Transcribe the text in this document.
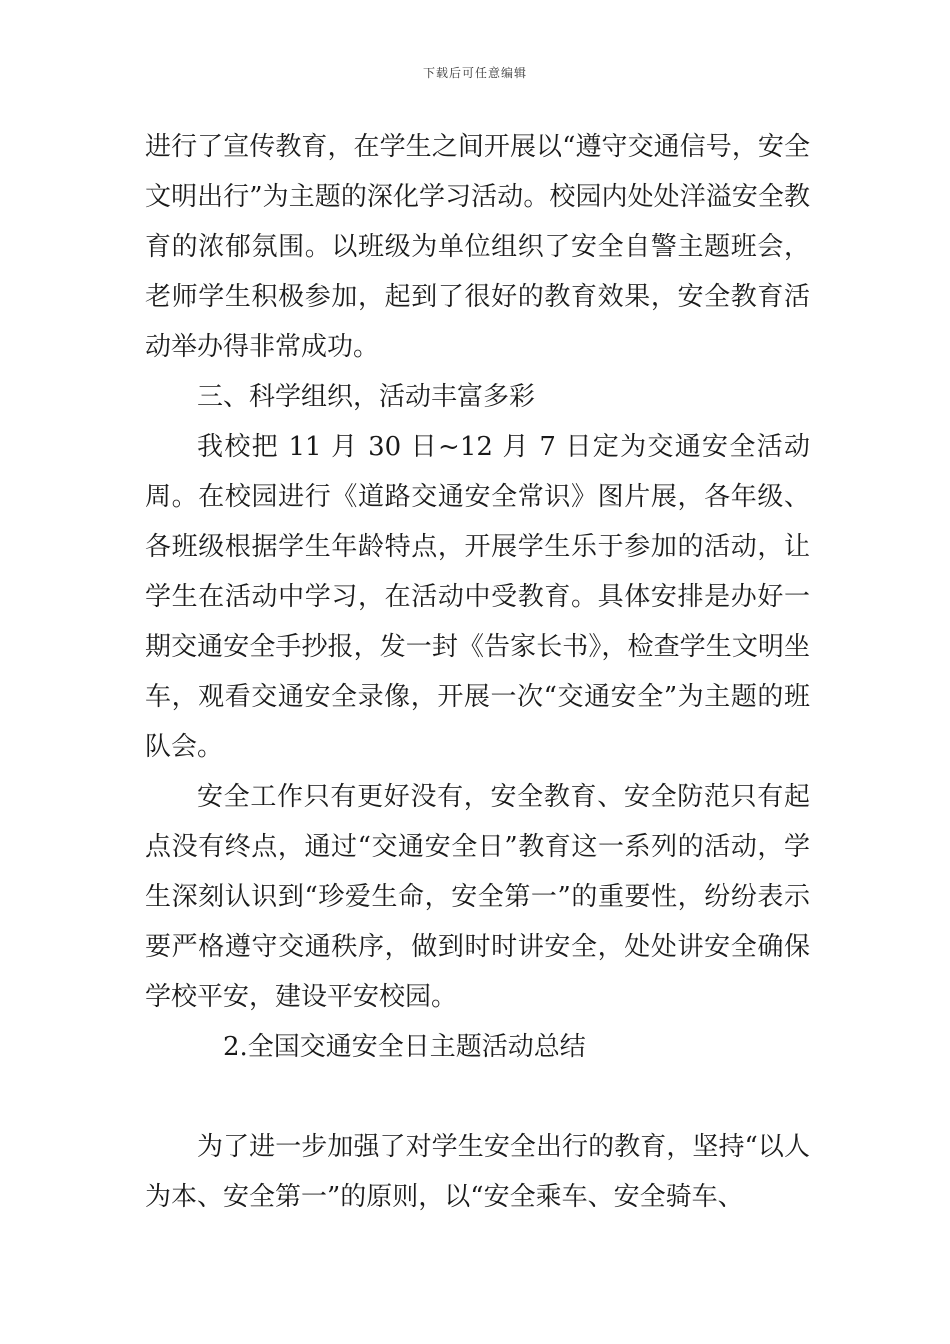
下载后可任意编辑

进行了宣传教育，在学生之间开展以“遵守交通信号，安全文明出行”为主题的深化学习活动。校园内处处洋溢安全教育的浓郁氛围。以班级为单位组织了安全自警主题班会，老师学生积极参加，起到了很好的教育效果，安全教育活动举办得非常成功。

三、科学组织，活动丰富多彩

我校把 11 月 30 日~12 月 7 日定为交通安全活动周。在校园进行《道路交通安全常识》图片展，各年级、各班级根据学生年龄特点，开展学生乐于参加的活动，让学生在活动中学习，在活动中受教育。具体安排是办好一期交通安全手抄报，发一封《告家长书》，检查学生文明坐车，观看交通安全录像，开展一次“交通安全”为主题的班队会。

安全工作只有更好没有，安全教育、安全防范只有起点没有终点，通过“交通安全日”教育这一系列的活动，学生深刻认识到“珍爱生命，安全第一”的重要性，纷纷表示要严格遵守交通秩序，做到时时讲安全，处处讲安全确保学校平安，建设平安校园。

2.全国交通安全日主题活动总结

为了进一步加强了对学生安全出行的教育，坚持“以人为本、安全第一”的原则，以“安全乘车、安全骑车、
